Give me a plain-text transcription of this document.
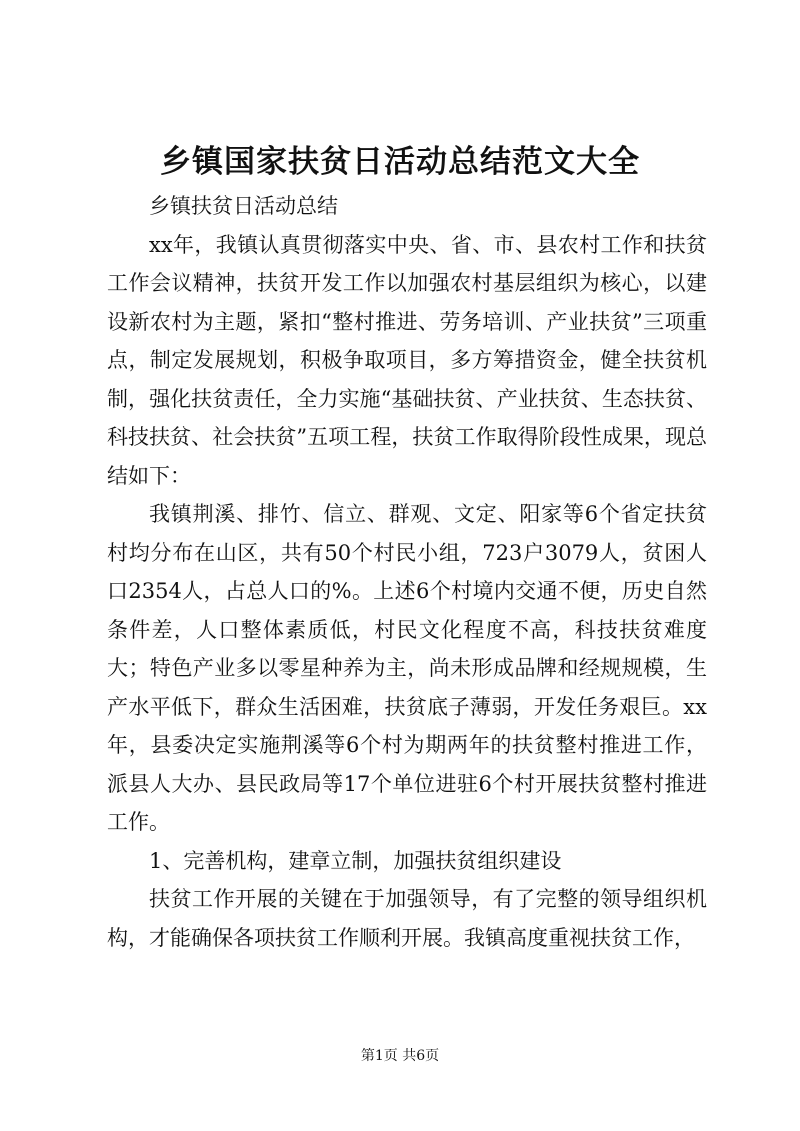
乡镇国家扶贫日活动总结范文大全

乡镇扶贫日活动总结

xx年，我镇认真贯彻落实中央、省、市、县农村工作和扶贫工作会议精神，扶贫开发工作以加强农村基层组织为核心，以建设新农村为主题，紧扣“整村推进、劳务培训、产业扶贫”三项重点，制定发展规划，积极争取项目，多方筹措资金，健全扶贫机制，强化扶贫责任，全力实施“基础扶贫、产业扶贫、生态扶贫、科技扶贫、社会扶贫”五项工程，扶贫工作取得阶段性成果，现总结如下：

我镇荆溪、排竹、信立、群观、文定、阳家等6个省定扶贫村均分布在山区，共有50个村民小组，723户3079人，贫困人口2354人，占总人口的%。上述6个村境内交通不便，历史自然条件差，人口整体素质低，村民文化程度不高，科技扶贫难度大；特色产业多以零星种养为主，尚未形成品牌和经规规模，生产水平低下，群众生活困难，扶贫底子薄弱，开发任务艰巨。xx年，县委决定实施荆溪等6个村为期两年的扶贫整村推进工作，派县人大办、县民政局等17个单位进驻6个村开展扶贫整村推进工作。

1、完善机构，建章立制，加强扶贫组织建设

扶贫工作开展的关键在于加强领导，有了完整的领导组织机构，才能确保各项扶贫工作顺利开展。我镇高度重视扶贫工作，

第1页 共6页
